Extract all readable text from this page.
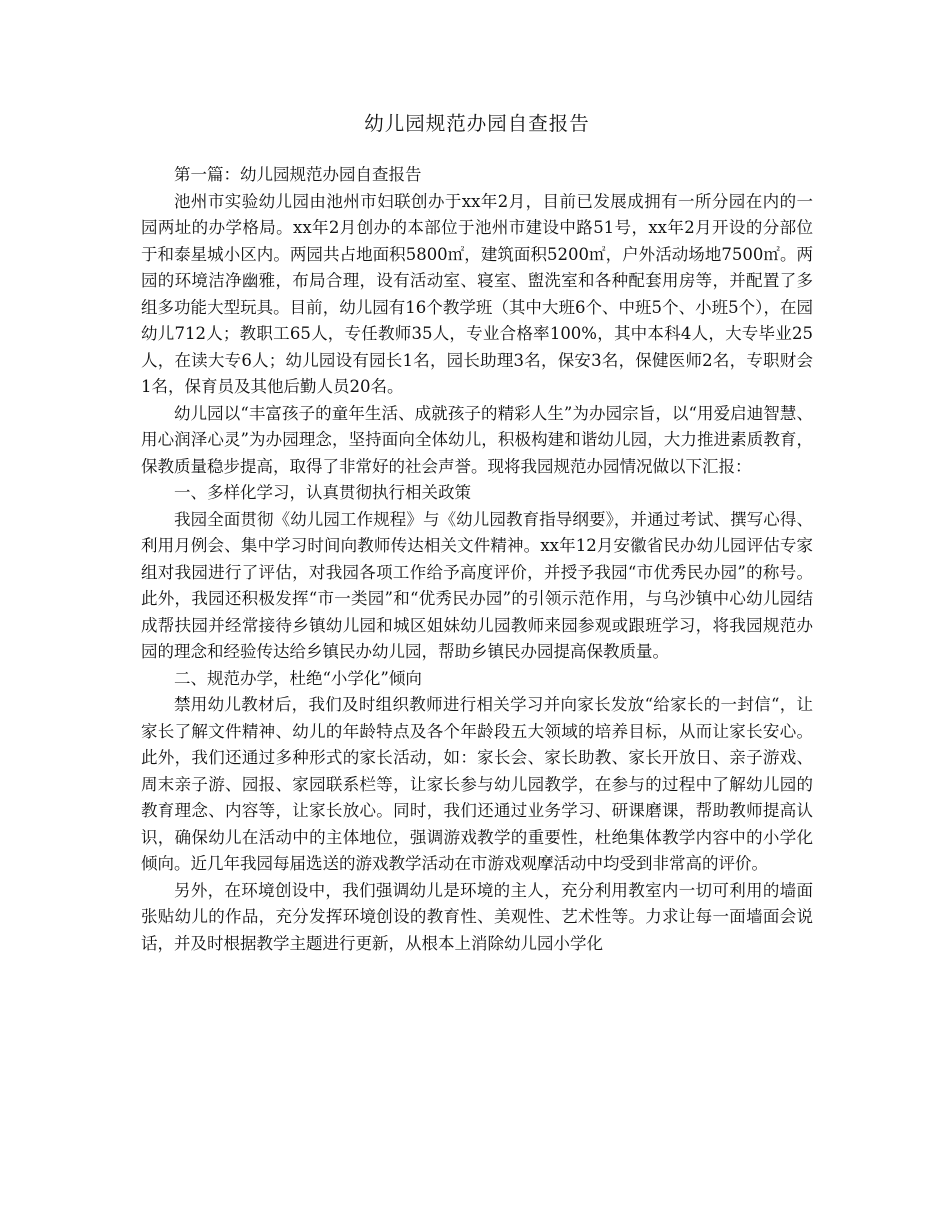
幼儿园规范办园自查报告

第一篇：幼儿园规范办园自查报告

池州市实验幼儿园由池州市妇联创办于xx年2月，目前已发展成拥有一所分园在内的一园两址的办学格局。xx年2月创办的本部位于池州市建设中路51号，xx年2月开设的分部位于和泰星城小区内。两园共占地面积5800㎡，建筑面积5200㎡，户外活动场地7500㎡。两园的环境洁净幽雅，布局合理，设有活动室、寝室、盥洗室和各种配套用房等，并配置了多组多功能大型玩具。目前，幼儿园有16个教学班（其中大班6个、中班5个、小班5个），在园幼儿712人；教职工65人，专任教师35人，专业合格率100%，其中本科4人，大专毕业25人，在读大专6人；幼儿园设有园长1名，园长助理3名，保安3名，保健医师2名，专职财会1名，保育员及其他后勤人员20名。

幼儿园以“丰富孩子的童年生活、成就孩子的精彩人生”为办园宗旨，以“用爱启迪智慧、用心润泽心灵”为办园理念，坚持面向全体幼儿，积极构建和谐幼儿园，大力推进素质教育，保教质量稳步提高，取得了非常好的社会声誉。现将我园规范办园情况做以下汇报：

一、多样化学习，认真贯彻执行相关政策

我园全面贯彻《幼儿园工作规程》与《幼儿园教育指导纲要》，并通过考试、撰写心得、利用月例会、集中学习时间向教师传达相关文件精神。xx年12月安徽省民办幼儿园评估专家组对我园进行了评估，对我园各项工作给予高度评价，并授予我园“市优秀民办园”的称号。此外，我园还积极发挥“市一类园”和“优秀民办园”的引领示范作用，与乌沙镇中心幼儿园结成帮扶园并经常接待乡镇幼儿园和城区姐妹幼儿园教师来园参观或跟班学习，将我园规范办园的理念和经验传达给乡镇民办幼儿园，帮助乡镇民办园提高保教质量。

二、规范办学，杜绝“小学化”倾向

禁用幼儿教材后，我们及时组织教师进行相关学习并向家长发放“给家长的一封信“，让家长了解文件精神、幼儿的年龄特点及各个年龄段五大领域的培养目标，从而让家长安心。此外，我们还通过多种形式的家长活动，如：家长会、家长助教、家长开放日、亲子游戏、周末亲子游、园报、家园联系栏等，让家长参与幼儿园教学，在参与的过程中了解幼儿园的教育理念、内容等，让家长放心。同时，我们还通过业务学习、研课磨课，帮助教师提高认识，确保幼儿在活动中的主体地位，强调游戏教学的重要性，杜绝集体教学内容中的小学化倾向。近几年我园每届选送的游戏教学活动在市游戏观摩活动中均受到非常高的评价。

另外，在环境创设中，我们强调幼儿是环境的主人，充分利用教室内一切可利用的墙面张贴幼儿的作品，充分发挥环境创设的教育性、美观性、艺术性等。力求让每一面墙面会说话，并及时根据教学主题进行更新，从根本上消除幼儿园小学化
